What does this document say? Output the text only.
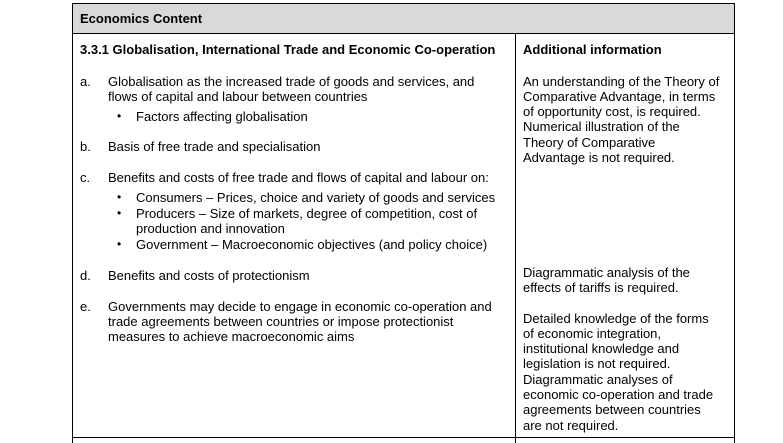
Economics Content
3.3.1 Globalisation, International Trade and Economic Co-operation Additional information
a. Globalisation as the increased trade of goods and services, and
flows of capital and labour between countries
• Factors affecting globalisation
b. Basis of free trade and specialisation
c. Benefits and costs of free trade and flows of capital and labour on:
• Consumers – Prices, choice and variety of goods and services
• Producers – Size of markets, degree of competition, cost of
production and innovation
• Government – Macroeconomic objectives (and policy choice)
d. Benefits and costs of protectionism
e. Governments may decide to engage in economic co-operation and
trade agreements between countries or impose protectionist
measures to achieve macroeconomic aims
An understanding of the Theory of
Comparative Advantage, in terms
of opportunity cost, is required.
Numerical illustration of the
Theory of Comparative
Advantage is not required.
Diagrammatic analysis of the
effects of tariffs is required.
Detailed knowledge of the forms
of economic integration,
institutional knowledge and
legislation is not required.
Diagrammatic analyses of
economic co-operation and trade
agreements between countries
are not required.
